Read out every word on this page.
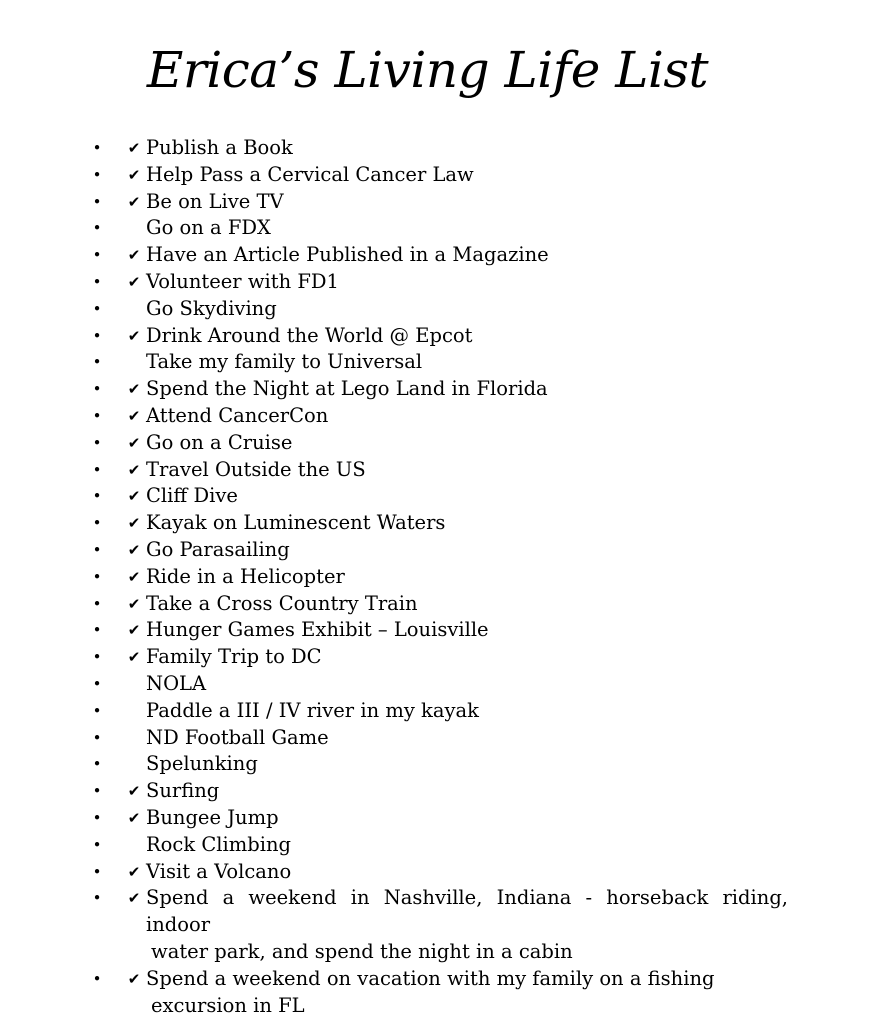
Erica’s Living Life List
•	✔ Publish a Book
•	✔ Help Pass a Cervical Cancer Law
•	✔ Be on Live TV
• Go on a FDX
•	✔ Have an Article Published in a Magazine
•	✔ Volunteer with FD1
• Go Skydiving
•	✔ Drink Around the World @ Epcot
• Take my family to Universal
•	✔ Spend the Night at Lego Land in Florida
•	✔ Attend CancerCon
•	✔ Go on a Cruise
•	✔ Travel Outside the US
•	✔ Cliff Dive
•	✔ Kayak on Luminescent Waters
•	✔ Go Parasailing
•	✔ Ride in a Helicopter
•	✔ Take a Cross Country Train
•	✔ Hunger Games Exhibit – Louisville
•	✔ Family Trip to DC
• NOLA
• Paddle a III / IV river in my kayak
• ND Football Game
• Spelunking
•	✔ Surfing
•	✔ Bungee Jump
• Rock Climbing
•	✔ Visit a Volcano
•	✔ Spend a weekend in Nashville, Indiana - horseback riding, indoor
water park, and spend the night in a cabin
•	✔ Spend a weekend on vacation with my family on a fishing
excursion in FL
